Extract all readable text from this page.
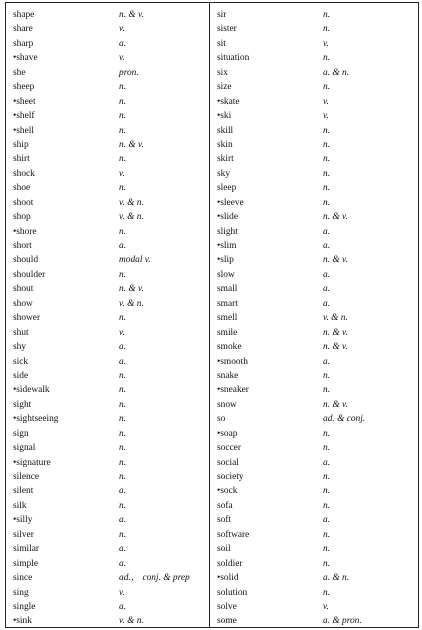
shape	n. & v.
share	v.
sharp	a.
•shave	v.
she	pron.
sheep	n.
•sheet	n.
•shelf	n.
•shell	n.
ship	n. & v.
shirt	n.
shock	v.
shoe	n.
shoot	v. & n.
shop	v. & n.
•shore	n.
short	a.
should	modal v.
shoulder	n.
shout	n. & v.
show	v. & n.
shower	n.
shut	v.
shy	a.
sick	a.
side	n.
•sidewalk	n.
sight	n.
•sightseeing	n.
sign	n.
signal	n.
•signature	n.
silence	n.
silent	a.
silk	n.
•silly	a.
silver	n.
similar	a.
simple	a.
since	ad.， conj. & prep
sing	v.
single	a.
•sink	v. & n.
sir	n.
sister	n.
sit	v.
situation	n.
six	a. & n.
size	n.
•skate	v.
•ski	v.
skill	n.
skin	n.
skirt	n.
sky	n.
sleep	n.
•sleeve	n.
•slide	n. & v.
slight	a.
•slim	a.
•slip	n. & v.
slow	a.
small	a.
smart	a.
smell	v. & n.
smile	n. & v.
smoke	n. & v.
•smooth	a.
snake	n.
•sneaker	n.
snow	n. & v.
so	ad. & conj.
•soap	n.
soccer	n.
social	a.
society	n.
•sock	n.
sofa	n.
soft	a.
software	n.
soil	n.
soldier	n.
•solid	a. & n.
solution	n.
solve	v.
some	a. & pron.
